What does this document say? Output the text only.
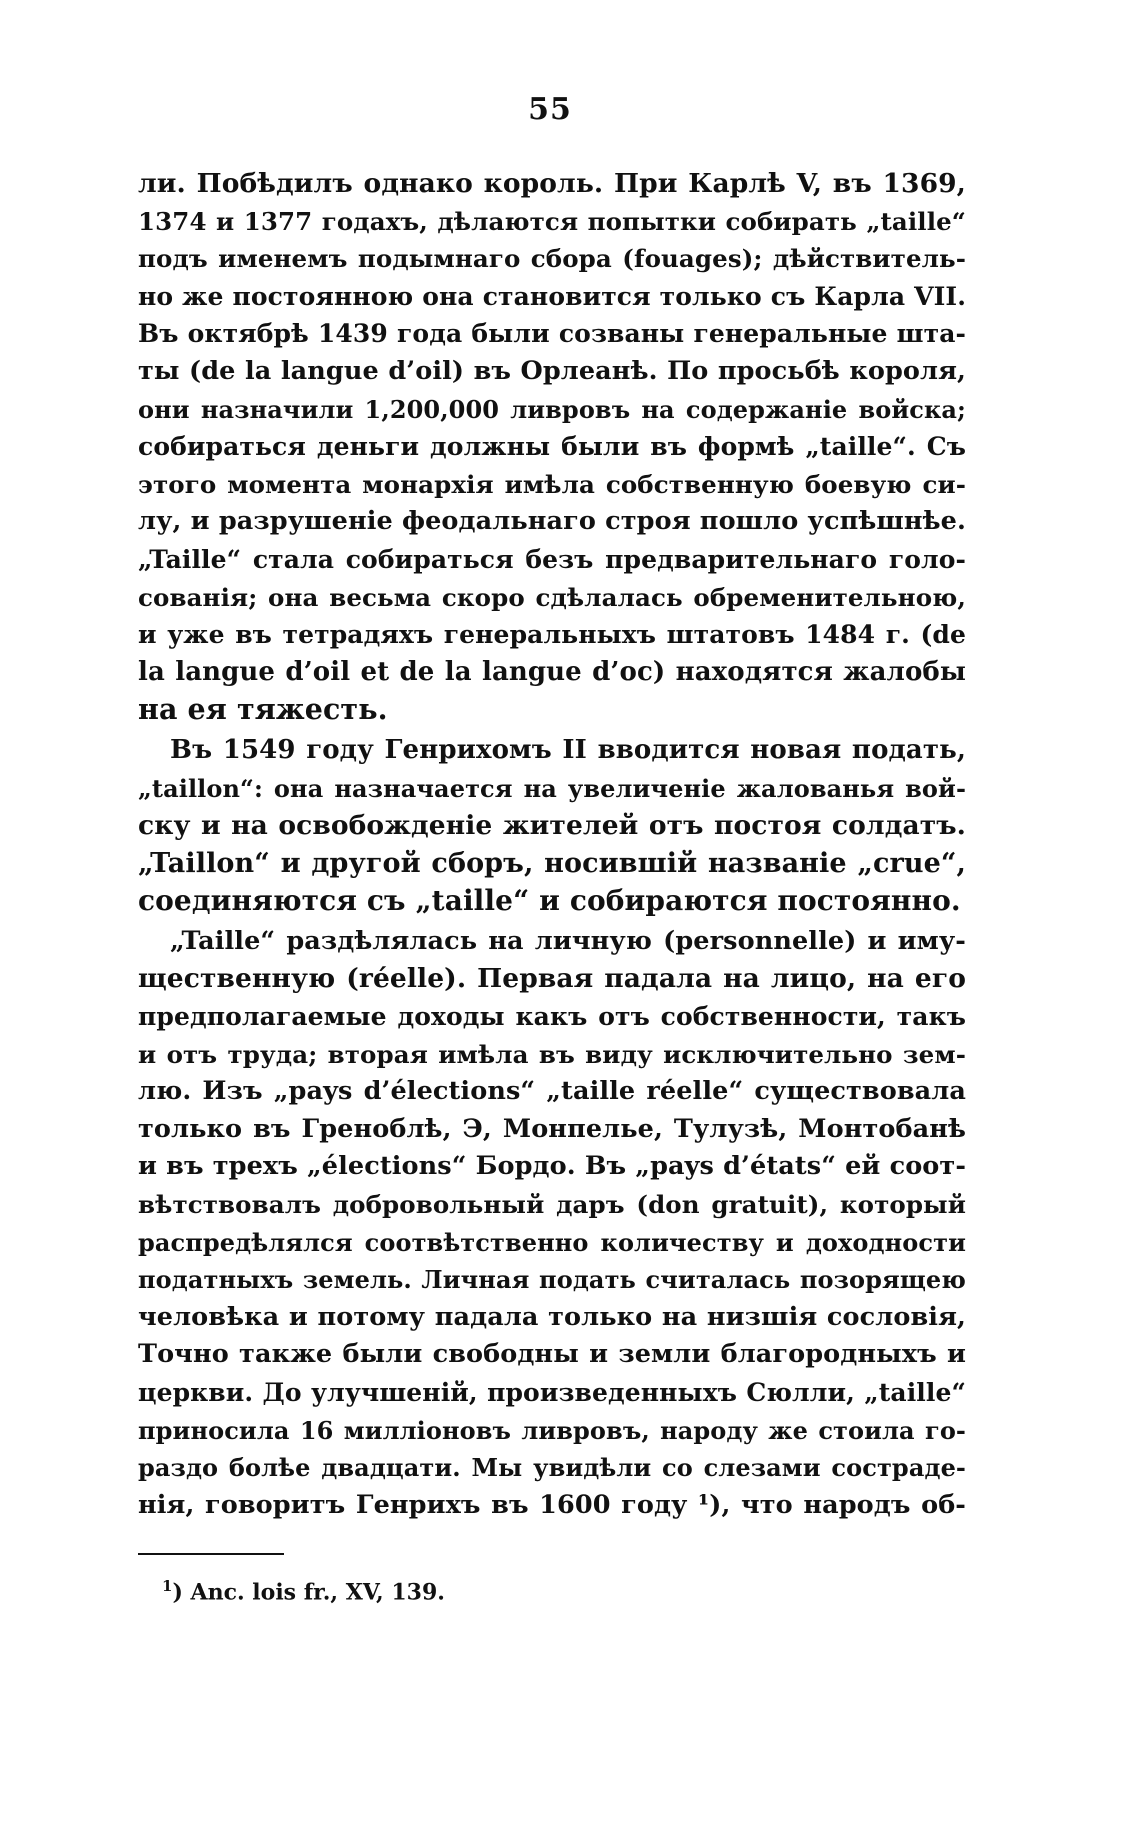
55
ли. Побѣдилъ однако король. При Карлѣ V, въ 1369,
1374 и 1377 годахъ, дѣлаются попытки собирать „taille“
подъ именемъ подымнаго сбора (fouages); дѣйствитель-
но же постоянною она становится только съ Карла VII.
Въ октябрѣ 1439 года были созваны генеральные шта-
ты (de la langue d’oil) въ Орлеанѣ. По просьбѣ короля,
они назначили 1,200,000 ливровъ на содержаніе войска;
собираться деньги должны были въ формѣ „taille“. Съ
этого момента монархія имѣла собственную боевую си-
лу, и разрушеніе феодальнаго строя пошло успѣшнѣе.
„Taille“ стала собираться безъ предварительнаго голо-
сованія; она весьма скоро сдѣлалась обременительною,
и уже въ тетрадяхъ генеральныхъ штатовъ 1484 г. (de
la langue d’oil et de la langue d’oc) находятся жалобы
на ея тяжесть.
Въ 1549 году Генрихомъ II вводится новая подать,
„taillon“: она назначается на увеличеніе жалованья вой-
ску и на освобожденіе жителей отъ постоя солдатъ.
„Taillon“ и другой сборъ, носившій названіе „crue“,
соединяются съ „taille“ и собираются постоянно.
„Taille“ раздѣлялась на личную (personnelle) и иму-
щественную (réelle). Первая падала на лицо, на его
предполагаемые доходы какъ отъ собственности, такъ
и отъ труда; вторая имѣла въ виду исключительно зем-
лю. Изъ „pays d’élections“ „taille réelle“ существовала
только въ Греноблѣ, Э, Монпелье, Тулузѣ, Монтобанѣ
и въ трехъ „élections“ Бордо. Въ „pays d’états“ ей соот-
вѣтствовалъ добровольный даръ (don gratuit), который
распредѣлялся соотвѣтственно количеству и доходности
податныхъ земель. Личная подать считалась позорящею
человѣка и потому падала только на низшія сословія,
Точно также были свободны и земли благородныхъ и
церкви. До улучшеній, произведенныхъ Сюлли, „taille“
приносила 16 милліоновъ ливровъ, народу же стоила го-
раздо болѣе двадцати. Мы увидѣли со слезами состраде-
нія, говоритъ Генрихъ въ 1600 году ¹), что народъ об-
$^1$) Anc. lois fr., XV, 139.
